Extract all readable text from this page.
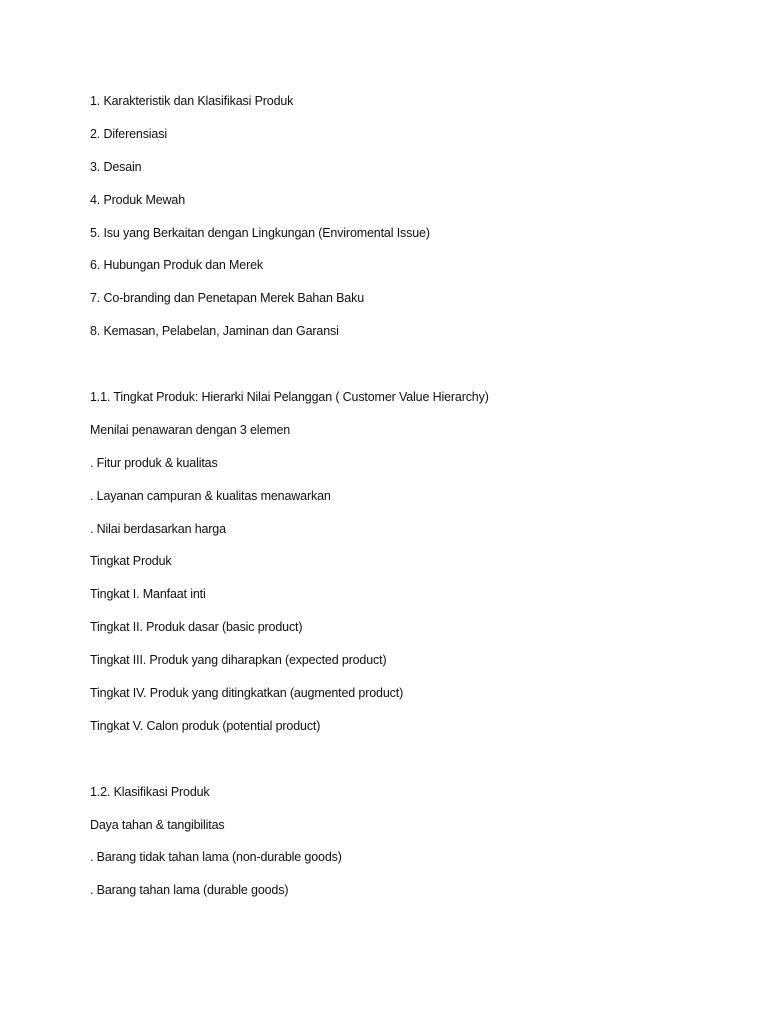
1. Karakteristik dan Klasifikasi Produk
2. Diferensiasi
3. Desain
4. Produk Mewah
5. Isu yang Berkaitan dengan Lingkungan (Enviromental Issue)
6. Hubungan Produk dan Merek
7. Co-branding dan Penetapan Merek Bahan Baku
8. Kemasan, Pelabelan, Jaminan dan Garansi
1.1. Tingkat Produk: Hierarki Nilai Pelanggan ( Customer Value Hierarchy)
Menilai penawaran dengan 3 elemen
. Fitur produk & kualitas
. Layanan campuran & kualitas menawarkan
. Nilai berdasarkan harga
Tingkat Produk
Tingkat I. Manfaat inti
Tingkat II. Produk dasar (basic product)
Tingkat III. Produk yang diharapkan (expected product)
Tingkat IV. Produk yang ditingkatkan (augmented product)
Tingkat V. Calon produk (potential product)
1.2. Klasifikasi Produk
Daya tahan & tangibilitas
. Barang tidak tahan lama (non-durable goods)
. Barang tahan lama (durable goods)
